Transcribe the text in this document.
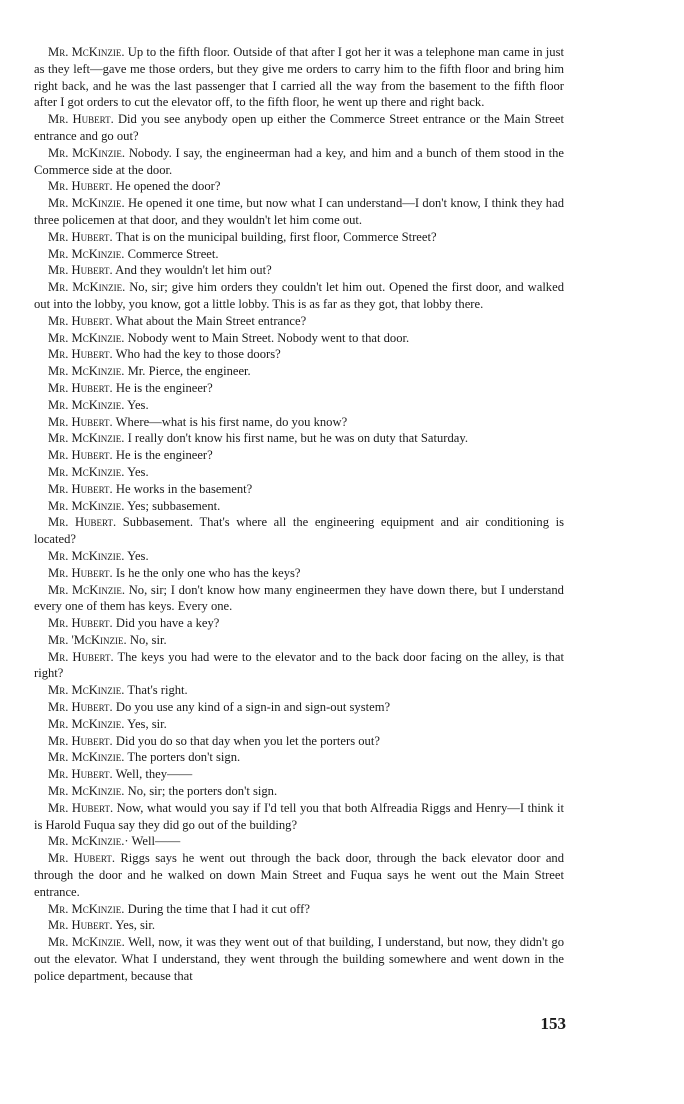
Mr. McKinzie. Up to the fifth floor. Outside of that after I got her it was a telephone man came in just as they left—gave me those orders, but they give me orders to carry him to the fifth floor and bring him right back, and he was the last passenger that I carried all the way from the basement to the fifth floor after I got orders to cut the elevator off, to the fifth floor, he went up there and right back.

Mr. Hubert. Did you see anybody open up either the Commerce Street entrance or the Main Street entrance and go out?

Mr. McKinzie. Nobody. I say, the engineerman had a key, and him and a bunch of them stood in the Commerce side at the door.

Mr. Hubert. He opened the door?

Mr. McKinzie. He opened it one time, but now what I can understand—I don't know, I think they had three policemen at that door, and they wouldn't let him come out.

Mr. Hubert. That is on the municipal building, first floor, Commerce Street?

Mr. McKinzie. Commerce Street.

Mr. Hubert. And they wouldn't let him out?

Mr. McKinzie. No, sir; give him orders they couldn't let him out. Opened the first door, and walked out into the lobby, you know, got a little lobby. This is as far as they got, that lobby there.

Mr. Hubert. What about the Main Street entrance?

Mr. McKinzie. Nobody went to Main Street. Nobody went to that door.

Mr. Hubert. Who had the key to those doors?

Mr. McKinzie. Mr. Pierce, the engineer.

Mr. Hubert. He is the engineer?

Mr. McKinzie. Yes.

Mr. Hubert. Where—what is his first name, do you know?

Mr. McKinzie. I really don't know his first name, but he was on duty that Saturday.

Mr. Hubert. He is the engineer?

Mr. McKinzie. Yes.

Mr. Hubert. He works in the basement?

Mr. McKinzie. Yes; subbasement.

Mr. Hubert. Subbasement. That's where all the engineering equipment and air conditioning is located?

Mr. McKinzie. Yes.

Mr. Hubert. Is he the only one who has the keys?

Mr. McKinzie. No, sir; I don't know how many engineermen they have down there, but I understand every one of them has keys. Every one.

Mr. Hubert. Did you have a key?

Mr. 'McKinzie. No, sir.

Mr. Hubert. The keys you had were to the elevator and to the back door facing on the alley, is that right?

Mr. McKinzie. That's right.

Mr. Hubert. Do you use any kind of a sign-in and sign-out system?

Mr. McKinzie. Yes, sir.

Mr. Hubert. Did you do so that day when you let the porters out?

Mr. McKinzie. The porters don't sign.

Mr. Hubert. Well, they——

Mr. McKinzie. No, sir; the porters don't sign.

Mr. Hubert. Now, what would you say if I'd tell you that both Alfreadia Riggs and Henry—I think it is Harold Fuqua say they did go out of the building?

Mr. McKinzie.· Well——

Mr. Hubert. Riggs says he went out through the back door, through the back elevator door and through the door and he walked on down Main Street and Fuqua says he went out the Main Street entrance.

Mr. McKinzie. During the time that I had it cut off?

Mr. Hubert. Yes, sir.

Mr. McKinzie. Well, now, it was they went out of that building, I understand, but now, they didn't go out the elevator. What I understand, they went through the building somewhere and went down in the police department, because that

153
